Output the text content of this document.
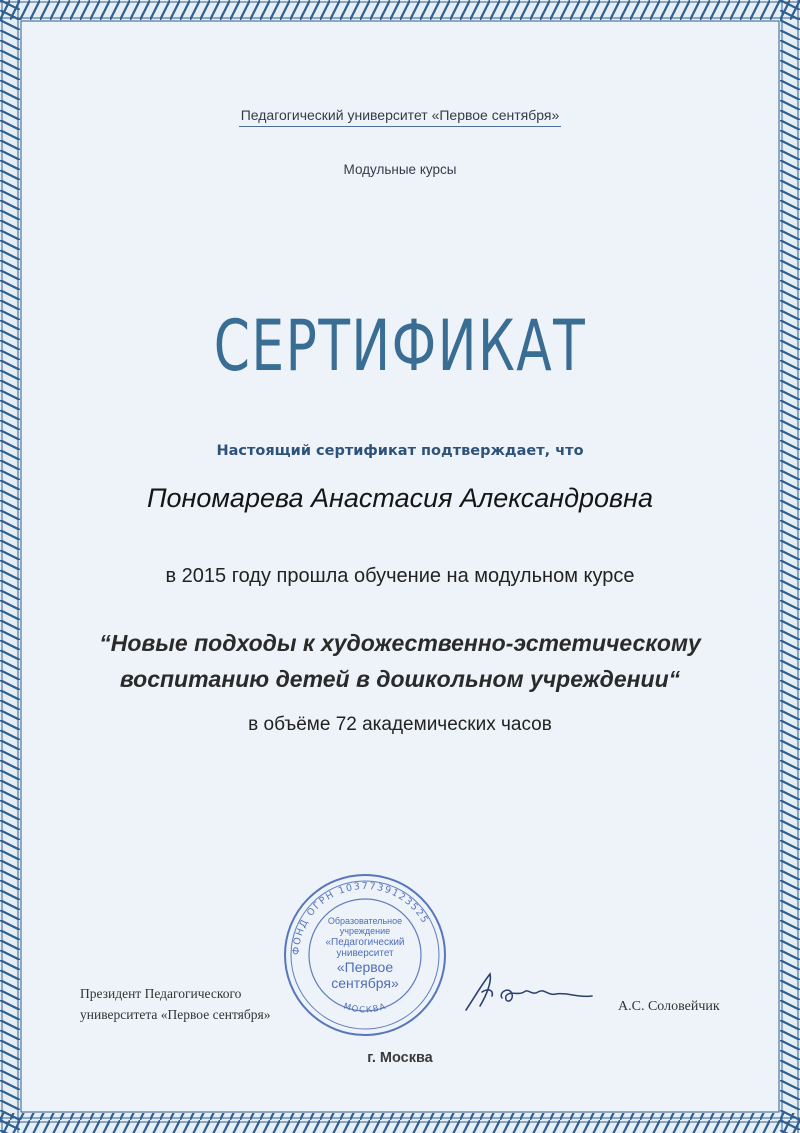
Педагогический университет «Первое сентября»
Модульные курсы
СЕРТИФИКАТ
Настоящий сертификат подтверждает, что
Пономарева Анастасия Александровна
в 2015 году прошла обучение на модульном курсе
“Новые подходы к художественно-эстетическому
воспитанию детей в дошкольном учреждении“
в объёме 72 академических часов
ФОНД ОГРН 1037739123525
МОСКВА
Образовательное
учреждение
«Педагогический
университет
«Первое
сентября»
Президент Педагогического
университета «Первое сентября»
А.С. Соловейчик
г. Москва
